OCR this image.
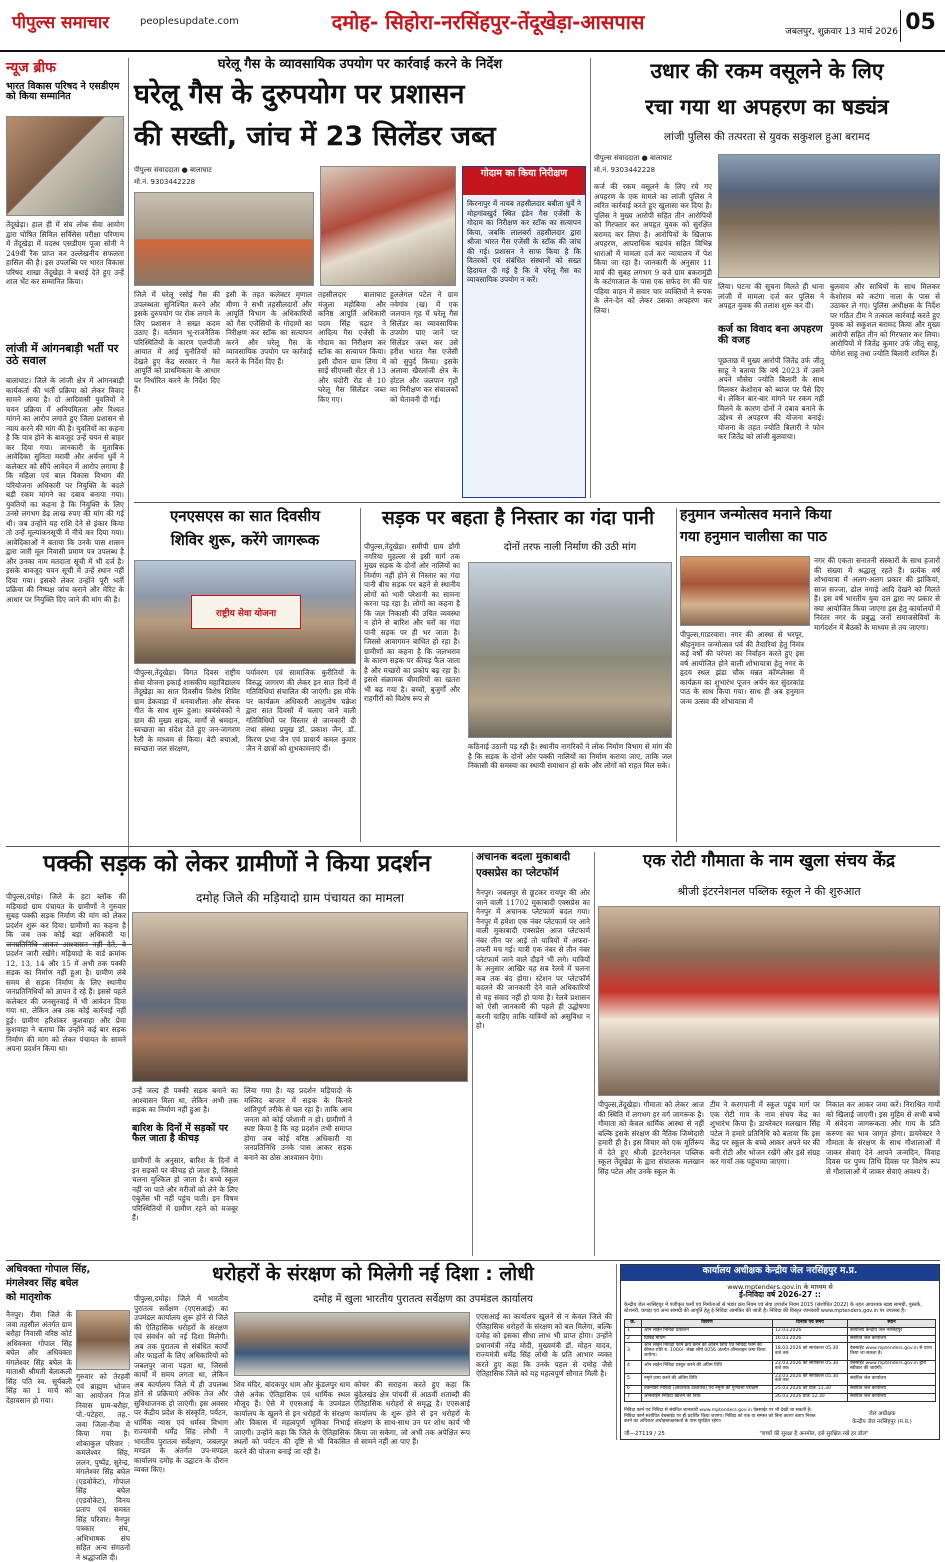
पीपुल्स समाचार	peoplesupdate.com	दमोह- सिहोरा-नरसिंहपुर-तेंदूखेड़ा-आसपास	जबलपुर, शुक्रवार 13 मार्च 2026 05
न्यूज ब्रीफ
भारत विकास परिषद ने एसडीएम को किया सम्मानित
तेंदूखेड़ा। हाल ही में संघ लोक सेवा आयोग द्वारा घोषित सिविल सर्विसेस परीक्षा परिणाम में तेंदूखेड़ा में पदस्थ एसडीएम पूजा सोनी ने 249वीं रैंक प्राप्त कर उल्लेखनीय सफलता हासिल की है। इस उपलब्धि पर भारत विकास परिषद शाखा तेंदूखेड़ा ने बधाई देते हुए उन्हें शाल भेंट कर सम्मानित किया।
लांजी में आंगनबाड़ी भर्ती पर उठे सवाल
बालाघाट। जिले के लांजी क्षेत्र में आंगनबाड़ी कार्यकर्ता की भर्ती प्रक्रिया को लेकर विवाद सामने आया है। दो आदिवासी युवतियों ने चयन प्रक्रिया में अनियमितता और रिश्वत मांगने का आरोप लगाते हुए जिला प्रशासन से न्याय करने की मांग की है। युवतियों का कहना है कि पात्र होने के बावजूद उन्हें चयन से बाहर कर दिया गया। जानकारी के मुताबिक आवेदिका सुनिता मरावी और अर्चना धुर्वे ने कलेक्टर को सौंपे आवेदन में आरोप लगाया है कि महिला एवं बाल विकास विभाग की परियोजना अधिकारी पर नियुक्ति के बदले बड़ी रकम मांगने का दबाव बनाया गया। युवतियों का कहना है कि नियुक्ति के लिए उनसे लगभग डेढ़ लाख रुपए की मांग की गई थी। जब उन्होंने यह राशि देने से इंकार किया तो उन्हें मूल्यांकनसूची में नीचे कर दिया गया। आवेदिकाओं ने बताया कि उनके पास शासन द्वारा जारी मूल निवासी प्रमाण पत्र उपलब्ध है और उनका नाम मतदाता सूची में भी दर्ज है। इसके बावजूद चयन सूची में उन्हें स्थान नहीं दिया गया। इसको लेकर उन्होंने पूरी भर्ती प्रक्रिया की निष्पक्ष जांच कराने और मेरिट के आधार पर नियुक्ति दिए जाने की मांग की है।
घरेलू गैस के व्यावसायिक उपयोग पर कार्रवाई करने के निर्देश
घरेलू गैस के दुरुपयोग पर प्रशासन
की सख्ती, जांच में 23 सिलेंडर जब्त
पीपुल्स संवाददाता ● बालाघाट
मो.नं. 9303442228
गोदाम का किया निरीक्षण
किरनापुर में नायब तहसीलदार बबीता धुर्वे ने मोहगांवखुर्द स्थित इंडेन गैस एजेंसी के गोदाम का निरीक्षण कर स्टॉक का सत्यापन किया, जबकि लालबर्रा तहसीलदार द्वारा श्रीजा भारत गैस एजेंसी के स्टॉक की जांच की गई। प्रशासन ने साफ किया है कि वितरकों एवं संबंधित संस्थानों को सख्त हिदायत दी गई है कि वे घरेलू गैस का व्यावसायिक उपयोग न करें।
जिले में घरेलू रसोई गैस की उपलब्धता सुनिश्चित करने और इसके दुरुपयोग पर रोक लगाने के लिए प्रशासन ने सख्त कदम उठाए हैं। वर्तमान भू-राजनैतिक परिस्थितियों के कारण एलपीजी आयात में आई चुनौतियों को देखते हुए केंद्र सरकार ने गैस आपूर्ति को प्राथमिकता के आधार पर निर्धारित करने के निर्देश दिए हैं।
इसी के तहत कलेक्टर मृणाल मीणा ने सभी तहसीलदारों और आपूर्ति विभाग के अधिकारियों को गैस एजेंसियों के गोदामों का निरीक्षण कर स्टॉक का सत्यापन करने और घरेलू गैस के व्यावसायिक उपयोग पर कार्रवाई करने के निर्देश दिए हैं।
तहसीलदार बालाघाट मंजुला महोबिया और कनिष्ठ आपूर्ति अधिकारी पदम सिंह चढ़ार ने आदित्य गैस एजेंसी के गोदाम का निरीक्षण कर स्टॉक का सत्यापन किया। इसी दौरान ग्राम लिंगा में साई सीएमसी सेंटर से 13 और चंदोरी रोड से 10 घरेलू गैस सिलेंडर जब्त किए गए।
हुललेगल पटेल ने ग्राम नवेगांव (ख) में एक जलपान गृह में घरेलू गैस सिलेंडर का व्यावसायिक उपयोग पाए जाने पर सिलेंडर जब्त कर उसे हरीश भारत गैस एजेंसी को सुपुर्द किया। इसके अलावा खैरलांजी क्षेत्र के होटल और जलपान गृहों का निरीक्षण कर संचालकों को चेतावनी दी गई।
उधार की रकम वसूलने के लिए
रचा गया था अपहरण का षड्यंत्र
लांजी पुलिस की तत्परता से युवक सकुशल हुआ बरामद
पीपुल्स संवाददाता ● बालाघाट
मो.नं. 9303442228
कर्ज की रकम वसूलने के लिए रचे गए अपहरण के एक मामले का लांजी पुलिस ने त्वरित कार्रवाई करते हुए खुलासा कर दिया है। पुलिस ने मुख्य आरोपी सहित तीन आरोपियों को गिरफ्तार कर अपहृत युवक को सुरक्षित बरामद कर लिया है। आरोपियों के खिलाफ अपहरण, आपराधिक षडयंत्र सहित विभिन्न धाराओं में मामला दर्ज कर न्यायालय में पेश किया जा रहा है। जानकारी के अनुसार 11 मार्च की सुबह लगभग 9 बजे ग्राम बकरामुंडी के कटंगाजाल के पास एक सफेद रंग की चार पहिया वाहन में सवार चार व्यक्तियों ने रूपक के लेन-देन को लेकर उसका अपहरण कर लिया।
लिया। घटना की सूचना मिलते ही थाना लांजी में मामला दर्ज कर पुलिस ने अपहृत युवक की तलाश शुरू कर दी।
कर्ज का विवाद बना अपहरण की वजह
पूछताछ में मुख्य आरोपी जितेंद्र उर्फ जीतू साहू ने बताया कि वर्ष 2023 में उसने अपने मौसेरा ज्योति बिलारी के साथ मिलकर केशोराव को ब्याज पर पैसे दिए थे। लेकिन बार-बार मांगने पर रकम नहीं मिलने के कारण दोनों ने दबाव बनाने के उद्देश्य से अपहरण की योजना बनाई। योजना के तहत ज्योति बिलारी ने फोन कर जितेंद्र को लांजी बुलवाया।
बुलवाय और साथियों के साथ मिलकर केशोराव को कटंगा नाला के पास से उठाकर ले गए। पुलिस अधीक्षक के निर्देश पर गठित टीम ने तत्काल कार्रवाई करते हुए युवक को सकुशल बरामद किया और मुख्य आरोपी सहित तीन को गिरफ्तार कर लिया। आरोपियों में जितेंद्र कुमार उर्फ जीतू साहू, योगेश साहू तथा ज्योति बिलारी शामिल हैं।
एनएसएस का सात दिवसीय
शिविर शुरू, करेंगे जागरूक
राष्ट्रीय सेवा योजना
पीपुल्स,तेंदूखेड़ा। विगत दिवस राष्ट्रीय सेवा योजना इकाई शासकीय महाविद्यालय तेंदूखेड़ा का सात दिवसीय विशेष शिविर ग्राम डेकवाड़ा में धनवाशीला और सेवक गीत के साथ शुरू हुआ। स्वयंसेवकों ने ग्राम की मुख्य सड़क, मार्गों से श्रमदान, स्वच्छता का संदेश देते हुए जन-जागरण रैली के माध्यम से किया। बेटी बचाओ, स्वच्छता जल संरक्षण,
पर्यावरण एवं सामाजिक कुरीतियों के विरुद्ध जागरण की लेकर इन सात दिनों में गतिविधियां संचालित की जाएंगी। इस मौके पर कार्यक्रम अधिकारी आशुतोष चक्रेश द्वारा सात दिवसों में चलाए जाने वाली गतिविधियों पर विस्तार से जानकारी दी तथा संस्था प्रमुख डॉ. प्रकाश जैन, डॉ. किरण प्रभा जैन एवं प्राचार्य कमल कुमार जैन ने छात्रों को शुभकामनाएं दीं।
सड़क पर बहता है निस्तार का गंदा पानी
पीपुल्स,तेंदूखेड़ा। समीपी ग्राम डोंगी नगरिया मुहल्ला से इसी मार्ग तक मुख्य सड़क के दोनों ओर नालियों का निर्माण नहीं होने से निस्तार का गंदा पानी बीच सड़क पर बहने से स्थानीय लोगों को भारी परेशानी का सामना करना पड़ रहा है। लोगों का कहना है कि जल निकासी की उचित व्यवस्था न होने से बारिश और घरों का गंदा पानी सड़क पर ही भर जाता है। जिससे आवागमन बाधित हो रहा है। ग्रामीणों का कहना है कि जलभराव के कारण सड़क पर कीचड़ फैल जाता है और मच्छरों का प्रकोप बढ़ रहा है। इससे संक्रामक बीमारियों का खतरा भी बढ़ गया है। बच्चों, बुजुर्गों और राहगीरों को विशेष रूप से
दोनों तरफ नाली निर्माण की उठी मांग
कठिनाई उठानी पड़ रही है। स्थानीय नागरिकों ने लोक निर्माण विभाग से मांग की है कि सड़क के दोनों ओर पक्की नालियों का निर्माण कराया जाए, ताकि जल निकासी की समस्या का स्थायी समाधान हो सके और लोगों को राहत मिल सके।
हनुमान जन्मोत्सव मनाने किया
गया हनुमान चालीसा का पाठ
पीपुल्स,गाडरवारा। नगर की आस्था से भरपूर, श्रीहनुमान जन्मोत्सव पर्व की तैयारियां हेतु निमंत्र कई वर्षों की परंपरा का निर्वाहन करते हुए इस वर्ष आयोजित होने वाली शोभायात्रा हेतु नगर के हृदय स्थल झंडा चौक मन्नत कॉम्प्लेक्स में कार्यक्रम का शुभारंभ पूजन अर्चन कर सुंदरकांड पाठ के साथ किया गया। साथ ही अब हनुमान जन्म उत्सव की शोभायात्रा में
नगर की एकता सनातनी संस्कारों के साथ हजारों की संख्या में श्रद्धालु रहते हैं। प्रत्येक वर्ष शोभायात्रा में अलग-अलग प्रकार की झांकियां, साज सज्जा, ढोल नगाड़े आदि देखने को मिलते हैं। इस वर्ष भारतीय युवा दल द्वारा नए प्रकार से क्या आयोजित किया जाएगा इस हेतु कार्यालयों में निरंतर नगर के प्रबुद्ध जनों समाजसेवियों के मार्गदर्शन में बैठकों के माध्यम से तय जाएगा।
पक्की सड़क को लेकर ग्रामीणों ने किया प्रदर्शन
पीपुल्स,दमोह। जिले के हटा ब्लॉक की मड़ियादो ग्राम पंचायत के ग्रामीणों ने गुरुवार सुबह पक्की सड़क निर्माण की मांग को लेकर प्रदर्शन शुरू कर दिया। ग्रामीणों का कहना है कि जब तक कोई बड़ा अधिकारी या जनप्रतिनिधि आकर आश्वासन नहीं देते, वे प्रदर्शन जारी रखेंगे। मड़ियादो के वार्ड क्रमांक 12, 13, 14 और 15 में अभी तक पक्की सड़क का निर्माण नहीं हुआ है। ग्रामीण लंबे समय से सड़क निर्माण के लिए स्थानीय जनप्रतिनिधियों को ज्ञापन दे रहे हैं। इससे पहले कलेक्टर की जनसुनवाई में भी आवेदन दिया गया था, लेकिन अब तक कोई कार्रवाई नहीं हुई। ग्रामीण हरिशंकर कुशवाहा और प्रेमा कुशवाहा ने बताया कि उन्होंने कई बार सड़क निर्माण की मांग को लेकर पंचायत के सामने अपना प्रदर्शन किया था।
दमोह जिले की मड़ियादो ग्राम पंचायत का मामला
उन्हें जल्द ही पक्की सड़क बनाने का आश्वासन मिला था, लेकिन अभी तक सड़क का निर्माण नहीं हुआ है।
बारिश के दिनों में सड़कों पर फैल जाता है कीचड़
ग्रामीणों के अनुसार, बारिश के दिनों में इन सड़कों पर कीचड़ हो जाता है, जिससे चलना मुश्किल हो जाता है। बच्चे स्कूल नहीं जा पाते और मरीजों को लेने के लिए एंबुलेंस भी नहीं पहुंच पाती। इन विषम परिस्थितियों में ग्रामीण रहने को मजबूर हैं।
लिया गया है। यह प्रदर्शन मड़ियादो के मस्जिद बाजार में सड़क के किनारे शांतिपूर्ण तरीके से चल रहा है। ताकि आम जनता को कोई परेशानी न हो। ग्रामीणों ने स्पष्ट किया है कि यह प्रदर्शन तभी समाप्त होगा जब कोई वरिष्ठ अधिकारी या जनप्रतिनिधि उनके पास आकर सड़क बनाने का ठोस आश्वासन देगा।
अचानक बदला मुकाबादी
एक्सप्रेस का प्लेटफॉर्म
नैनपुर। जबलपुर से छूटकर रायपुर की ओर जाने वाली 11702 मुकाबादी एक्सप्रेस का नैनपुर में अचानक प्लेटफार्म बदल गया। नैनपुर में हमेशा एक नंबर प्लेटफार्म पर आने वाली मुकाबादी एक्सप्रेस आज प्लेटफार्म नंबर तीन पर आई तो यात्रियों में अफरा-तफरी मच गई। यात्री एक नंबर से तीन नंबर प्लेटफार्म जाने वाले दौड़ने भी लगे। यात्रियों के अनुसार आखिर यह सब रेलवे में चलना कब तक बंद होगा। स्टेशन पर प्लेटफॉर्म बदलने की जानकारी देने वाले अधिकारियों से यह संवाद नहीं हो पाया है। रेलवे प्रशासन को ऐसी जानकारी की पहले ही उद्घोषणा करनी चाहिए ताकि यात्रियों को असुविधा न हो।
एक रोटी गौमाता के नाम खुला संचय केंद्र
श्रीजी इंटरनेशनल पब्लिक स्कूल ने की शुरुआत
पीपुल्स,तेंदूखेड़ा। गौमाता को लेकर आज की स्थिति में लगभग हर वर्ग जागरूक है। गौमाता को केवल धार्मिक आस्था से नहीं बल्कि इसके संरक्षण की नैतिक जिम्मेदारी हमारी ही है। इस विचार को एक मूर्तिरूप में देते हुए श्रीजी इंटरनेशनल पब्लिक स्कूल तेंदूखेड़ा के द्वारा संचालक मलखान सिंह पटेल और उनके स्कूल के
टीम ने करगपानी में स्कूल पहुंच मार्ग पर एक रोटी गाय के नाम संचय केंद्र का शुभारंभ किया है। डायरेक्टर मलखान सिंह पटेल ने हमारे प्रतिनिधि को बताया कि इस केंद्र पर स्कूल के बच्चे आकर अपने घर की बनी रोटी और भोजन रखेंगे और इसे संग्रह कर गायों तक पहुंचाया जाएगा।
निकाल कर आकर जमा करें। निराश्रित गायों को खिलाई जाएगी। इस मुहिम से सभी बच्चे में संवेदना जागरूकता और गाय के प्रति करुणा का भाव जागृत होगा। डायरेक्टर ने गौमाता के संरक्षण के साथ गौशालाओं में जाकर सेवाएं देने आपने जन्मदिन, विवाह दिवस पर पुण्य तिथि दिवस पर विशेष रूप से गौशालाओं में जाकर सेवाएं अवश्य दें।
अधिवक्ता गोपाल सिंह,
मंगलेश्वर सिंह बघेल
को मातृशोक
नैनपुर। रीवा जिले के जवा तहसील अंतर्गत ग्राम बरौहा निवासी वरिष्ठ कोर्ट अधिवक्ता गोपाल सिंह बघेल और अधिवक्ता मंगलेश्वर सिंह बघेल के माताश्री श्रीमती बेलाकली सिंह पति स्व. सूर्यबली सिंह का 1 मार्च को देहावसान हो गया।
गुरुवार को तेरहवीं एवं ब्राह्मण भोजन का आयोजन निज निवास ग्राम-बरौहा, पो.-पटेहरा, तह.-जवा जिला-रीवा में किया गया है। शोकाकुल परिवार : कमलेश्वर सिंह, ललन, पुष्पेंद्र, सुरेन्द्र, मंगलेश्वर सिंह बघेल (एडवोकेट), गोपाल सिंह बघेल (एडवोकेट), विनय प्रताप एवं समस्त सिंह परिवार। नैनपुर पत्रकार संघ, अभिभाषक संघ सहित अन्य संगठनों ने श्रद्धांजलि दी।
धरोहरों के संरक्षण को मिलेगी नई दिशा : लोधी
दमोह में खुला भारतीय पुरातत्व सर्वेक्षण का उपमंडल कार्यालय
पीपुल्स,दमोह। जिले में भारतीय पुरातत्व सर्वेक्षण (एएसआई) का उपमंडल कार्यालय शुरू होने से जिले की ऐतिहासिक धरोहरों के संरक्षण एवं संवर्धन को नई दिशा मिलेगी। अब तक पुरातत्व से संबंधित कार्यों और फाइलों के लिए अधिकारियों को जबलपुर जाना पड़ता था, जिससे कार्यों में समय लगता था, लेकिन अब कार्यालय जिले में ही उपलब्ध होने से प्रक्रियाएं अधिक तेज और सुविधाजनक हो जाएंगी। इस अवसर पर केंद्रीय प्रदेश के संस्कृति, पर्यटन, धार्मिक न्यास एवं धर्मस्व विभाग राज्यमंत्री धर्मेंद्र सिंह लोधी ने भारतीय पुरातत्व सर्वेक्षण, जबलपुर मण्डल के अंतर्गत उप-मण्डल कार्यालय दमोह के उद्घाटन के दौरान व्यक्त किए।
शिव मंदिर, बांदकपुर धाम और कुंडलपुर धाम जैसे अनेक ऐतिहासिक एवं धार्मिक स्थल मौजूद हैं। ऐसे में एएसआई के उपमंडल कार्यालय के खुलने से इन धरोहरों के संरक्षण और विकास में महत्वपूर्ण भूमिका निभाई जाएगी। उन्होंने कहा कि जिले के ऐतिहासिक स्थलों को पर्यटन की दृष्टि से भी विकसित करने की योजना बनाई जा रही है।
कोचर की सराहना करते हुए कहा कि बुंदेलखंड क्षेत्र पांचवीं से आठवीं शताब्दी की ऐतिहासिक धरोहरों से समृद्ध है। एएसआई कार्यालय के शुरू होने से इन धरोहरों के संरक्षण के साथ-साथ उन पर शोध कार्य भी किया जा सकेगा, जो अभी तक अपेक्षित रूप से सामने नहीं आ पाए हैं।
एएसआई का कार्यालय खुलने से न केवल जिले की ऐतिहासिक धरोहरों के संरक्षण को बल मिलेगा, बल्कि दमोह को इसका सीधा लाभ भी प्राप्त होगा। उन्होंने प्रधानमंत्री नरेंद्र मोदी, मुख्यमंत्री डॉ. मोहन यादव, राज्यमंत्री धर्मेंद्र सिंह लोधी के प्रति आभार व्यक्त करते हुए कहा कि उनके पहल से दमोह जैसे ऐतिहासिक जिले को यह महत्वपूर्ण सौगात मिली है।
कार्यालय अधीक्षक केन्द्रीय जेल नरसिंहपुर म.प्र.
www.mptenders.gov.in के माध्यम से
ई-निविदा वर्ष 2026-27 ::
केन्द्रीय जेल नरसिंहपुर में पंजीकृत फर्मों एवं निर्माताओं से भंडार क्रय नियम एवं सेवा उपार्जन नियम 2015 (संशोधित 2022) के तहत आवश्यक खाद्य सामग्री, पुस्तकें, स्टेशनरी, कपड़ा एवं अन्य सामग्री की आपूर्ति हेतु ई-निविदा आमंत्रित की जाती है। निविदा की विस्तृत जानकारी www.mptenders.gov.in पर उपलब्ध है।
क्र.	विवरण	दिनांक एवं समय	स्थान
1	ऑन लाईन निविदा प्रकाशन	12.03.2026	कार्यालय केन्द्रीय जेल नरसिंहपुर
2	प्रिबिड मीटिंग	16.03.2026	संबंधित जेल कार्यालय
3	ऑन लाईन निविदा फार्म क्रय करने की अंतिम तिथि एवं निविदा फार्म की कीमत राशि रु. 1000/- लेखा शीर्ष 0056 अंतर्गत ऑनलाइन जमा किया जायेगा।	18.03.2026 को सायंकाल 05.30 बजे तक	वेबसाईट www.mptenders.gov.in से प्राप्त किया जा सकता है।
4	ऑन लाईन निविदा प्रस्तुत करने की अंतिम तिथि	23.03.2026 को सायंकाल 05.30 बजे तक	वेबसाईट www.mptenders.gov.in द्वारा स्वीकार की जावेगी।
5	नमूने जमा करने की अंतिम तिथि	23.03.2026 को सायंकाल 05.30 बजे तक	संबंधित जेल कार्यालय
6	तकनीकी निविदा (आवश्यक दस्तावेज) एवं नमूनों की गुणवत्ता परीक्षण	25.03.2026 को प्रातः 11.30	संबंधित जेल कार्यालय
7	ऑनलाईन निविदा खोलने की तिथि	26.03.2026 प्रातः 12.30	संबंधित जेल कार्यालय
निविदा फार्म एवं निविदा से संबंधित जानकारी www.mptenders.gov.in वेबसाईट पर भी देखी जा सकती है। निविदा फार्म संशोधित वेबसाईट पर ही प्रदर्शित किया जाएगा। निविदा को एक या समस्त को बिना कारण बताए निरस्त करने का अधिकार अधोहस्ताक्षरकर्ता के पास सुरक्षित रहेगा।
जेल अधीक्षक
केन्द्रीय जेल नरसिंहपुर (म.प्र.)
जी—27119 / 25	"बच्चों की सुरक्षा है अनमोल, इसे सुरक्षित रखें हर डोल"
